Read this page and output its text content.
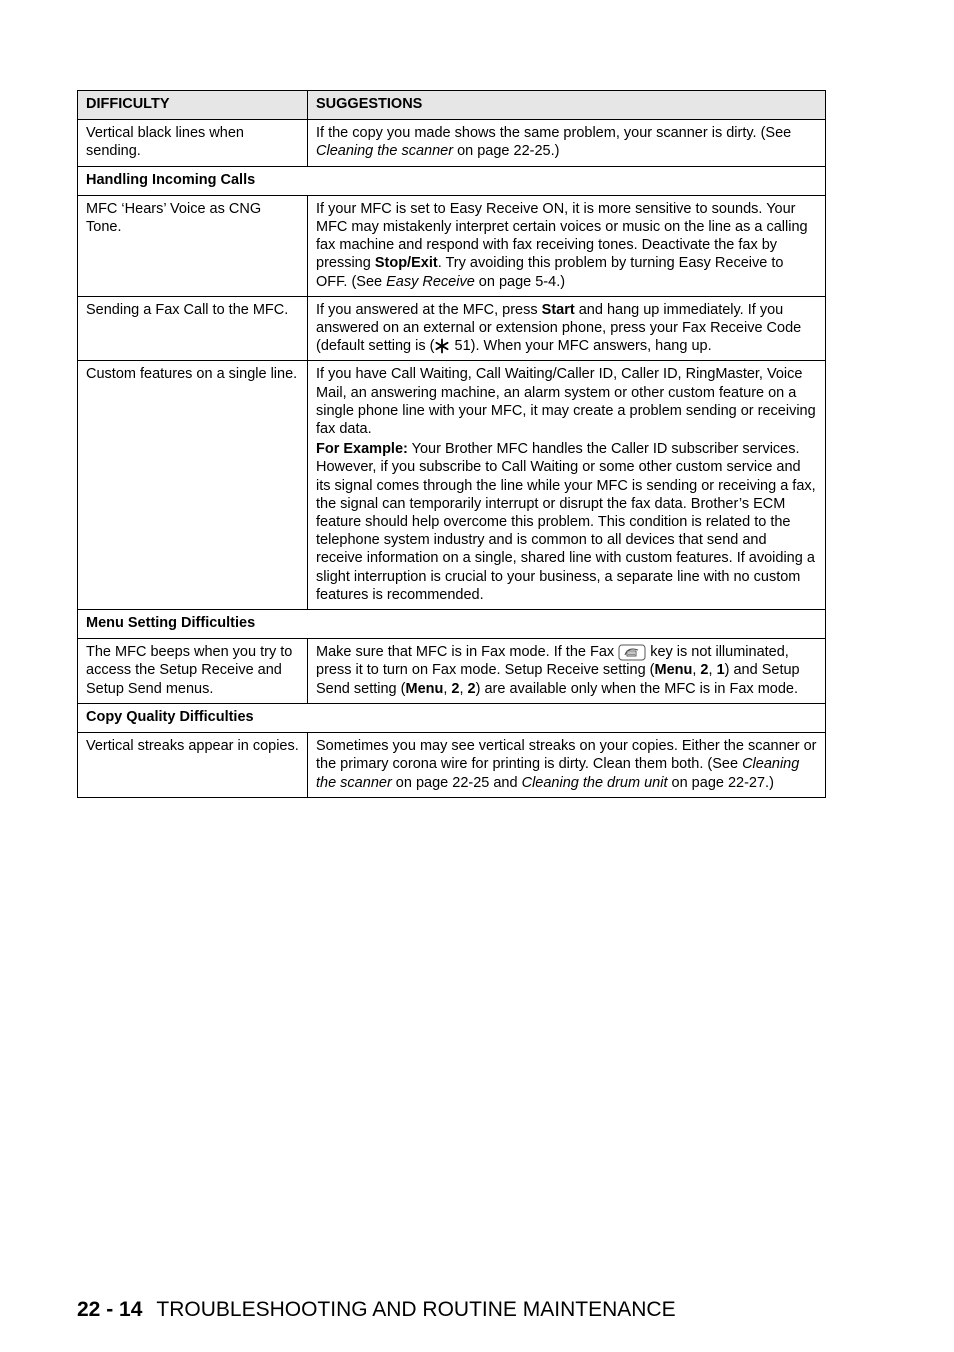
DIFFICULTY	SUGGESTIONS
Vertical black lines when sending.	If the copy you made shows the same problem, your scanner is dirty. (See Cleaning the scanner on page 22-25.)
Handling Incoming Calls	
MFC ‘Hears’ Voice as CNG Tone.	If your MFC is set to Easy Receive ON, it is more sensitive to sounds. Your MFC may mistakenly interpret certain voices or music on the line as a calling fax machine and respond with fax receiving tones. Deactivate the fax by pressing Stop/Exit. Try avoiding this problem by turning Easy Receive to OFF. (See Easy Receive on page 5-4.)
Sending a Fax Call to the MFC.	If you answered at the MFC, press Start and hang up immediately. If you answered on an external or extension phone, press your Fax Receive Code (default setting is (
51). When your MFC answers, hang up.
Custom features on a single line.	If you have Call Waiting, Call Waiting/Caller ID, Caller ID, RingMaster, Voice Mail, an answering machine, an alarm system or other custom feature on a single phone line with your MFC, it may create a problem sending or receiving fax data.

For Example: Your Brother MFC handles the Caller ID subscriber services. However, if you subscribe to Call Waiting or some other custom service and its signal comes through the line while your MFC is sending or receiving a fax, the signal can temporarily interrupt or disrupt the fax data. Brother’s ECM feature should help overcome this problem. This condition is related to the telephone system industry and is common to all devices that send and receive information on a single, shared line with custom features. If avoiding a slight interruption is crucial to your business, a separate line with no custom features is recommended.

Menu Setting Difficulties	
The MFC beeps when you try to access the Setup Receive and Setup Send menus.	Make sure that MFC is in Fax mode. If the Fax
key is not illuminated, press it to turn on Fax mode. Setup Receive setting (Menu, 2, 1) and Setup Send setting (Menu, 2, 2) are available only when the MFC is in Fax mode.
Copy Quality Difficulties	
Vertical streaks appear in copies.	Sometimes you may see vertical streaks on your copies. Either the scanner or the primary corona wire for printing is dirty. Clean them both. (See Cleaning the scanner on page 22-25 and Cleaning the drum unit on page 22-27.)
22 - 14 TROUBLESHOOTING AND ROUTINE MAINTENANCE
